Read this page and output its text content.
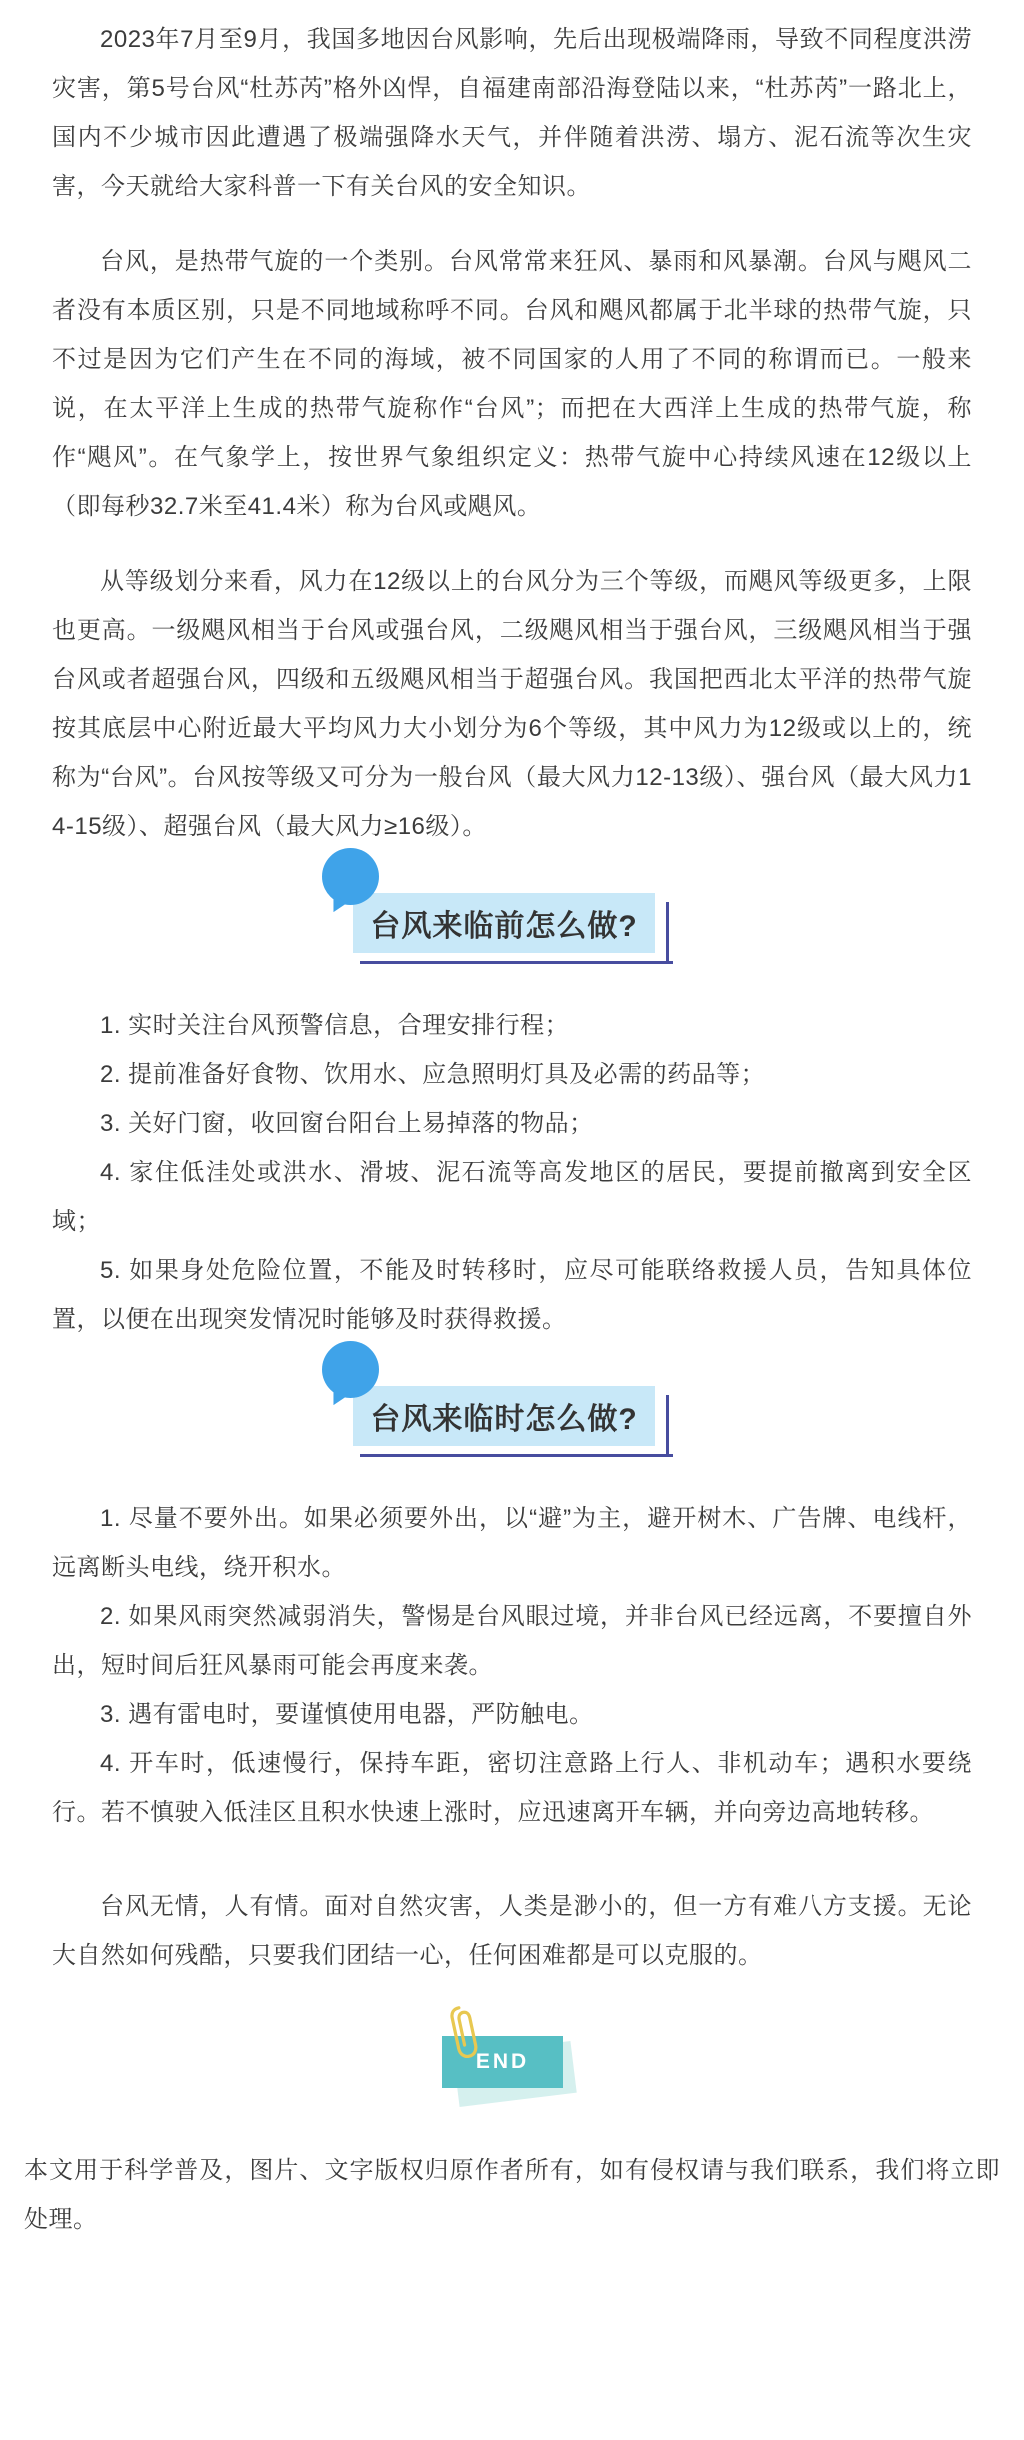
2023年7月至9月，我国多地因台风影响，先后出现极端降雨，导致不同程度洪涝灾害，第5号台风“杜苏芮”格外凶悍，自福建南部沿海登陆以来，“杜苏芮”一路北上，国内不少城市因此遭遇了极端强降水天气，并伴随着洪涝、塌方、泥石流等次生灾害，今天就给大家科普一下有关台风的安全知识。

台风，是热带气旋的一个类别。台风常常来狂风、暴雨和风暴潮。台风与飓风二者没有本质区别，只是不同地域称呼不同。台风和飓风都属于北半球的热带气旋，只不过是因为它们产生在不同的海域，被不同国家的人用了不同的称谓而已。一般来说，在太平洋上生成的热带气旋称作“台风”；而把在大西洋上生成的热带气旋，称作“飓风”。在气象学上，按世界气象组织定义：热带气旋中心持续风速在12级以上（即每秒32.7米至41.4米）称为台风或飓风。

从等级划分来看，风力在12级以上的台风分为三个等级，而飓风等级更多，上限也更高。一级飓风相当于台风或强台风，二级飓风相当于强台风，三级飓风相当于强台风或者超强台风，四级和五级飓风相当于超强台风。我国把西北太平洋的热带气旋按其底层中心附近最大平均风力大小划分为6个等级，其中风力为12级或以上的，统称为“台风”。台风按等级又可分为一般台风（最大风力12-13级）、强台风（最大风力14-15级）、超强台风（最大风力≥16级）。

台风来临前怎么做?

1. 实时关注台风预警信息，合理安排行程；

2. 提前准备好食物、饮用水、应急照明灯具及必需的药品等；

3. 关好门窗，收回窗台阳台上易掉落的物品；

4. 家住低洼处或洪水、滑坡、泥石流等高发地区的居民，要提前撤离到安全区域；

5. 如果身处危险位置，不能及时转移时，应尽可能联络救援人员，告知具体位置，以便在出现突发情况时能够及时获得救援。

台风来临时怎么做?

1. 尽量不要外出。如果必须要外出，以“避”为主，避开树木、广告牌、电线杆，远离断头电线，绕开积水。

2. 如果风雨突然减弱消失，警惕是台风眼过境，并非台风已经远离，不要擅自外出，短时间后狂风暴雨可能会再度来袭。

3. 遇有雷电时，要谨慎使用电器，严防触电。

4. 开车时，低速慢行，保持车距，密切注意路上行人、非机动车；遇积水要绕行。若不慎驶入低洼区且积水快速上涨时，应迅速离开车辆，并向旁边高地转移。

台风无情，人有情。面对自然灾害，人类是渺小的，但一方有难八方支援。无论大自然如何残酷，只要我们团结一心，任何困难都是可以克服的。

END

本文用于科学普及，图片、文字版权归原作者所有，如有侵权请与我们联系，我们将立即处理。
